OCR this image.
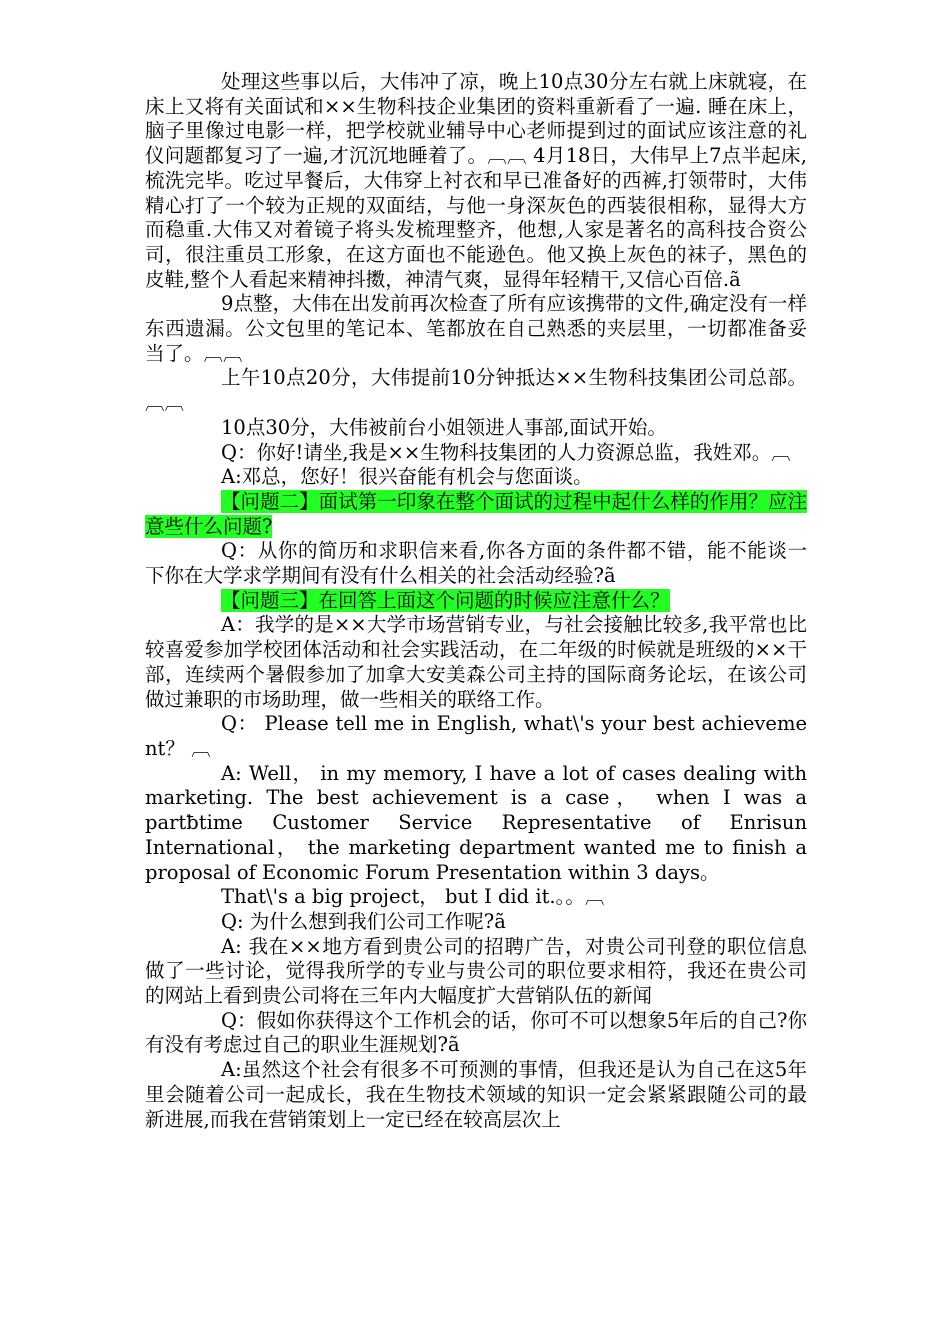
处理这些事以后，大伟冲了凉，晚上10点30分左右就上床就寝，在床上又将有关面试和××生物科技企业集团的资料重新看了一遍. 睡在床上，脑子里像过电影一样，把学校就业辅导中心老师提到过的面试应该注意的礼仪问题都复习了一遍,才沉沉地睡着了。︹︹ 4月18日，大伟早上7点半起床,梳洗完毕。吃过早餐后，大伟穿上衬衣和早已准备好的西裤,打领带时，大伟精心打了一个较为正规的双面结，与他一身深灰色的西装很相称，显得大方而稳重.大伟又对着镜子将头发梳理整齐，他想,人家是著名的高科技合资公司，很注重员工形象，在这方面也不能逊色。他又换上灰色的袜子，黑色的皮鞋,整个人看起来精神抖擞，神清气爽，显得年轻精干,又信心百倍.ã

9点整，大伟在出发前再次检查了所有应该携带的文件,确定没有一样东西遗漏。公文包里的笔记本、笔都放在自己熟悉的夹层里，一切都准备妥当了。︹︹

上午10点20分，大伟提前10分钟抵达××生物科技集团公司总部。︹︹

10点30分，大伟被前台小姐领进人事部,面试开始。

Q：你好!请坐,我是××生物科技集团的人力资源总监，我姓邓。︹

A:邓总，您好！很兴奋能有机会与您面谈。

【问题二】面试第一印象在整个面试的过程中起什么样的作用？应注意些什么问题?

Q：从你的简历和求职信来看,你各方面的条件都不错，能不能谈一下你在大学求学期间有没有什么相关的社会活动经验?ã

【问题三】在回答上面这个问题的时候应注意什么？

A：我学的是××大学市场营销专业，与社会接触比较多,我平常也比较喜爱参加学校团体活动和社会实践活动，在二年级的时候就是班级的××干部，连续两个暑假参加了加拿大安美森公司主持的国际商务论坛，在该公司做过兼职的市场助理，做一些相关的联络工作。

Q： Please tell me in English, what\'s your best achievement？ ︹

A: Well， in my memory, I have a lot of cases dealing with marketing. The best achievement is a case， when I was a partƀtime Customer Service Representative of Enrisun International， the marketing department wanted me to finish a proposal of Economic Forum Presentation within 3 days。

That\'s a big project， but I did it.。。︹

Q: 为什么想到我们公司工作呢?ã

A: 我在××地方看到贵公司的招聘广告，对贵公司刊登的职位信息做了一些讨论，觉得我所学的专业与贵公司的职位要求相符，我还在贵公司的网站上看到贵公司将在三年内大幅度扩大营销队伍的新闻

Q：假如你获得这个工作机会的话，你可不可以想象5年后的自己?你有没有考虑过自己的职业生涯规划?ã

A:虽然这个社会有很多不可预测的事情，但我还是认为自己在这5年里会随着公司一起成长，我在生物技术领域的知识一定会紧紧跟随公司的最新进展,而我在营销策划上一定已经在较高层次上
